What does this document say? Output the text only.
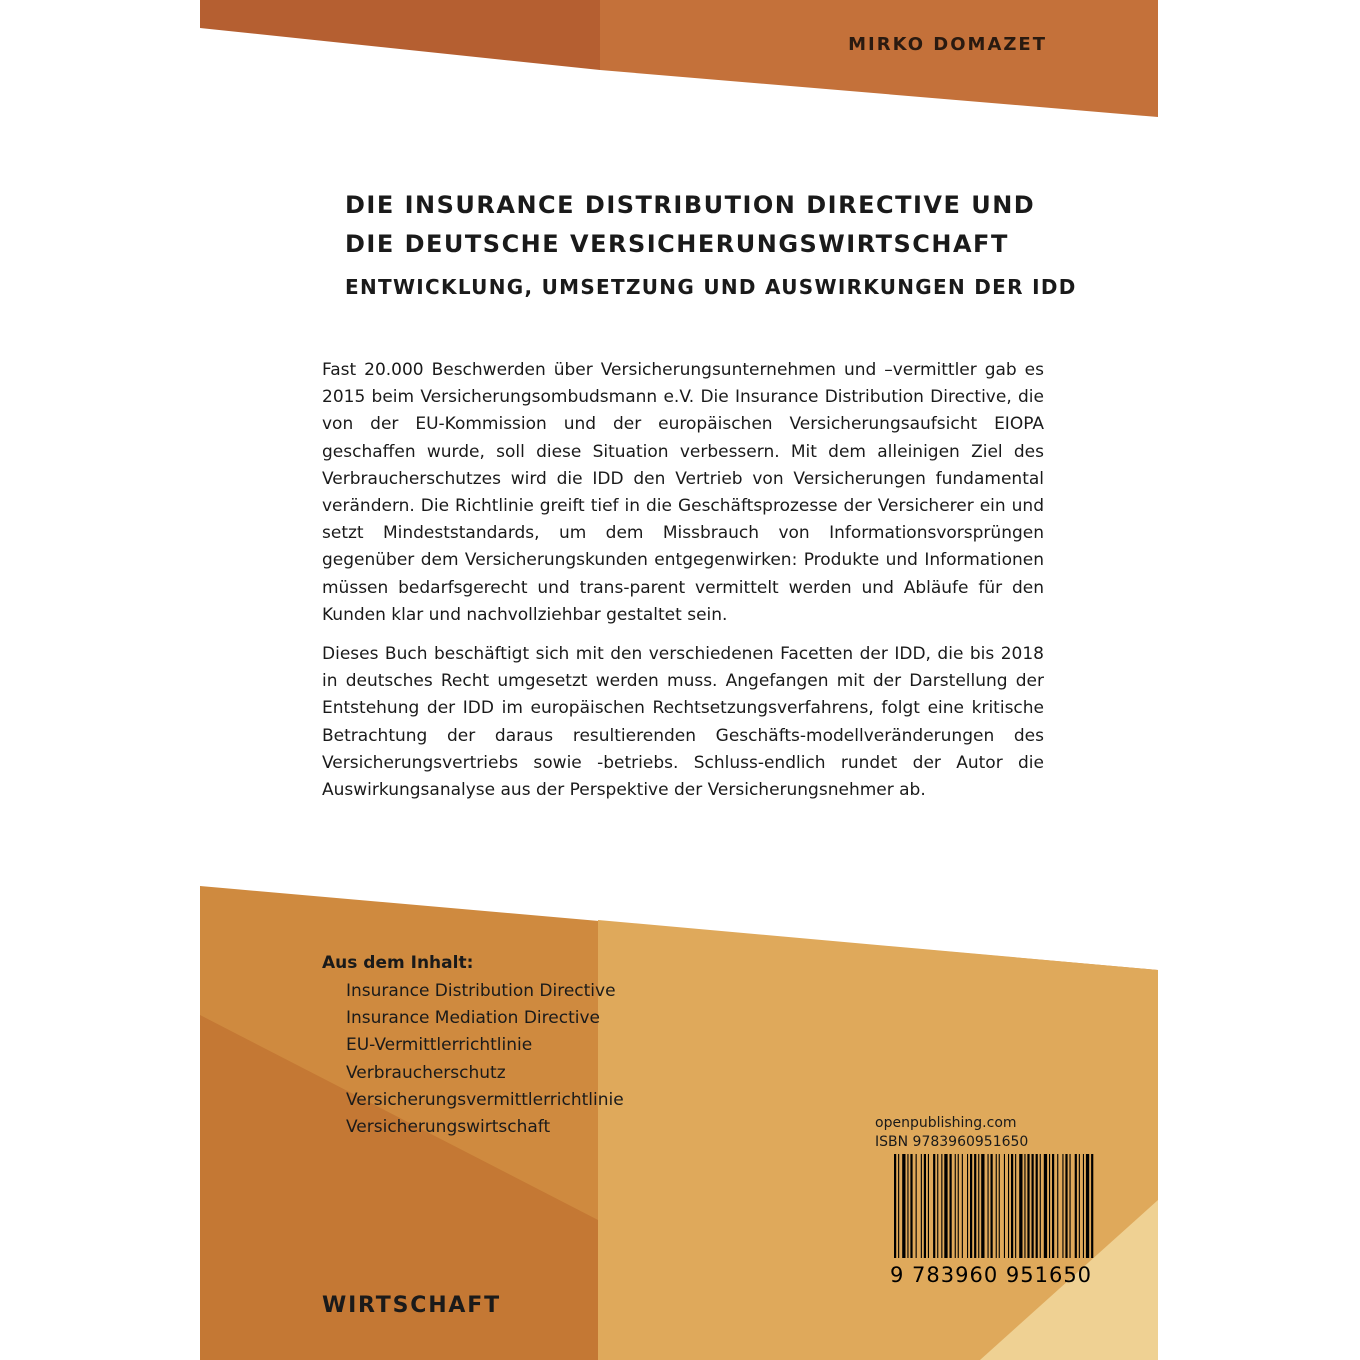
MIRKO DOMAZET
DIE INSURANCE DISTRIBUTION DIRECTIVE UND DIE DEUTSCHE VERSICHERUNGSWIRTSCHAFT
ENTWICKLUNG, UMSETZUNG UND AUSWIRKUNGEN DER IDD

Fast 20.000 Beschwerden über Versicherungsunternehmen und –vermittler gab es 2015 beim Versicherungsombudsmann e.V. Die Insurance Distribution Directive, die von der EU-Kommission und der europäischen Versicherungsaufsicht EIOPA geschaffen wurde, soll diese Situation verbessern. Mit dem alleinigen Ziel des Verbraucherschutzes wird die IDD den Vertrieb von Versicherungen fundamental verändern. Die Richtlinie greift tief in die Geschäftsprozesse der Versicherer ein und setzt Mindeststandards, um dem Missbrauch von Informationsvorsprüngen gegenüber dem Versicherungskunden entgegenwirken: Produkte und Informationen müssen bedarfsgerecht und trans-parent vermittelt werden und Abläufe für den Kunden klar und nachvollziehbar gestaltet sein.

Dieses Buch beschäftigt sich mit den verschiedenen Facetten der IDD, die bis 2018 in deutsches Recht umgesetzt werden muss. Angefangen mit der Darstellung der Entstehung der IDD im europäischen Rechtsetzungsverfahrens, folgt eine kritische Betrachtung der daraus resultierenden Geschäfts-modellveränderungen des Versicherungsvertriebs sowie -betriebs. Schluss-endlich rundet der Autor die Auswirkungsanalyse aus der Perspektive der Versicherungsnehmer ab.

Aus dem Inhalt:
Insurance Distribution Directive
Insurance Mediation Directive
EU-Vermittlerrichtlinie
Verbraucherschutz
Versicherungsvermittlerrichtlinie
Versicherungswirtschaft	openpublishing.com
ISBN 9783960951650
9 783960 951650
WIRTSCHAFT
